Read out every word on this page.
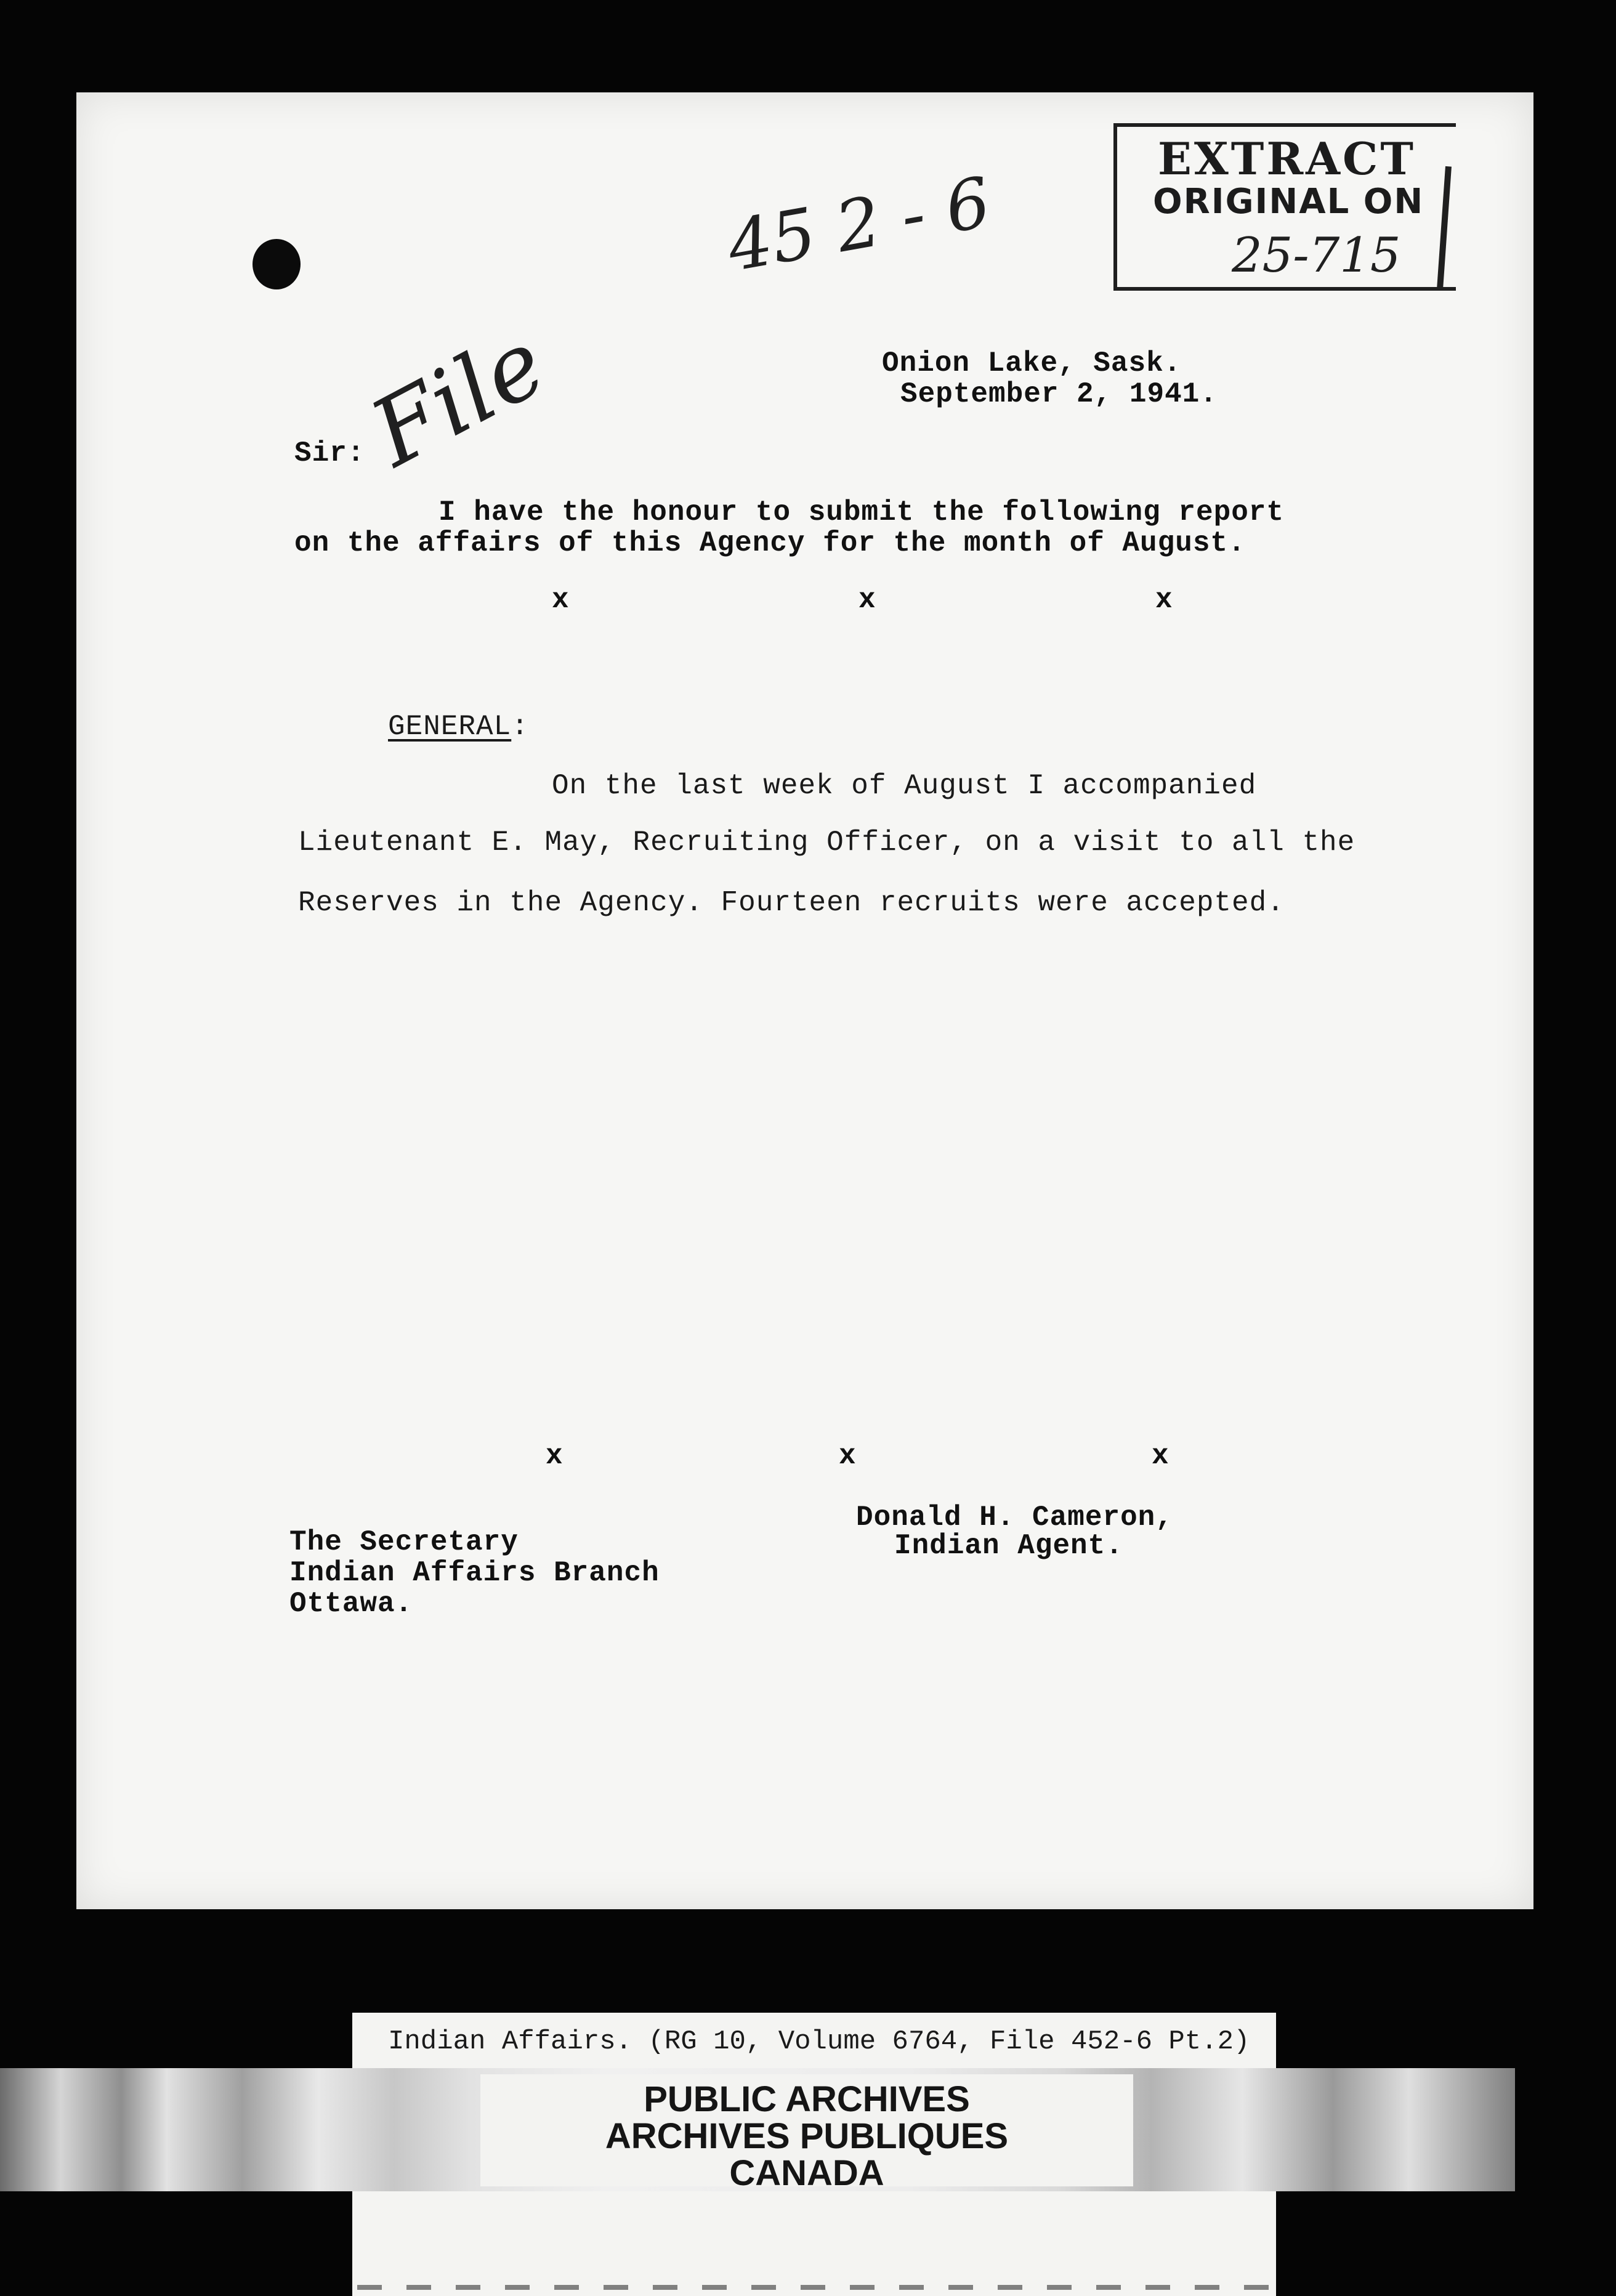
EXTRACT
ORIGINAL ON
25-715
45 2 - 6
File	Onion Lake, Sask.
September 2, 1941.
Sir:
I have the honour to submit the following report
on the affairs of this Agency for the month of August.
x	x	x
GENERAL:
On the last week of August I accompanied
Lieutenant E. May, Recruiting Officer, on a visit to all the
Reserves in the Agency. Fourteen recruits were accepted.
x	x	x
Donald H. Cameron,
Indian Agent.
The Secretary
Indian Affairs Branch
Ottawa.
Indian Affairs. (RG 10, Volume 6764, File 452-6 Pt.2)
PUBLIC ARCHIVES
ARCHIVES PUBLIQUES
CANADA
